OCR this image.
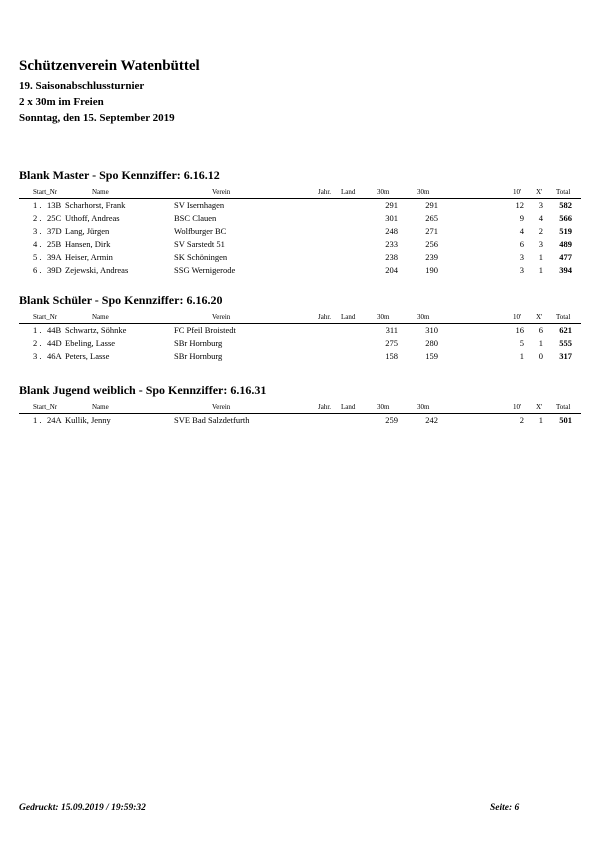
Schützenverein Watenbüttel
19. Saisonabschlussturnier
2 x 30m im Freien
Sonntag, den 15. September 2019
Blank Master - Spo Kennziffer: 6.16.12
Start_Nr	Name	Verein	Jahr. Land	30m	30m	10' X' Total
1 . 13B Scharhorst, Frank	SV Isernhagen	291	291	12	3	582
2 . 25C Uthoff, Andreas	BSC Clauen	301	265	9	4	566
3 . 37D Lang, Jürgen	Wolfburger BC	248	271	4	2	519
4 . 25B Hansen, Dirk	SV Sarstedt 51	233	256	6	3	489
5 . 39A Heiser, Armin	SK Schöningen	238	239	3	1	477
6 . 39D Zejewski, Andreas	SSG Wernigerode	204	190	3	1	394
Blank Schüler - Spo Kennziffer: 6.16.20
Start_Nr	Name	Verein	Jahr. Land	30m	30m	10' X' Total
1 . 44B Schwartz, Söhnke	FC Pfeil Broistedt	311	310	16	6	621
2 . 44D Ebeling, Lasse	SBr Hornburg	275	280	5	1	555
3 . 46A Peters, Lasse	SBr Hornburg	158	159	1	0	317
Blank Jugend weiblich - Spo Kennziffer: 6.16.31
Start_Nr	Name	Verein	Jahr. Land	30m	30m	10' X' Total
1 . 24A Kullik, Jenny	SVE Bad Salzdetfurth	259	242	2	1	501
Gedruckt: 15.09.2019 / 19:59:32	Seite: 6
